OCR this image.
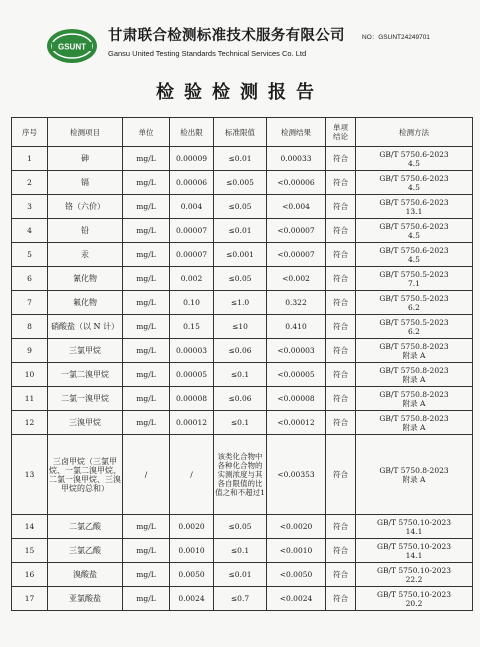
GSUNT
甘肃联合检测标准技术服务有限公司
Gansu United Testing Standards Technical Services Co. Ltd
NO：GSUNT24249701
检验检测报告
序号	检测项目	单位	检出限	标准限值	检测结果	单项
结论	检测方法
1	砷	mg/L	0.00009	≤0.01	0.00033	符合	GB/T 5750.6-2023
4.5
2	镉	mg/L	0.00006	≤0.005	<0.00006	符合	GB/T 5750.6-2023
4.5
3	铬（六价）	mg/L	0.004	≤0.05	<0.004	符合	GB/T 5750.6-2023
13.1
4	铅	mg/L	0.00007	≤0.01	<0.00007	符合	GB/T 5750.6-2023
4.5
5	汞	mg/L	0.00007	≤0.001	<0.00007	符合	GB/T 5750.6-2023
4.5
6	氰化物	mg/L	0.002	≤0.05	<0.002	符合	GB/T 5750.5-2023
7.1
7	氟化物	mg/L	0.10	≤1.0	0.322	符合	GB/T 5750.5-2023
6.2
8	硝酸盐（以 N 计）	mg/L	0.15	≤10	0.410	符合	GB/T 5750.5-2023
6.2
9	三氯甲烷	mg/L	0.00003	≤0.06	<0.00003	符合	GB/T 5750.8-2023
附录 A
10	一氯二溴甲烷	mg/L	0.00005	≤0.1	<0.00005	符合	GB/T 5750.8-2023
附录 A
11	二氯一溴甲烷	mg/L	0.00008	≤0.06	<0.00008	符合	GB/T 5750.8-2023
附录 A
12	三溴甲烷	mg/L	0.00012	≤0.1	<0.00012	符合	GB/T 5750.8-2023
附录 A
13	三卤甲烷（三氯甲烷、一氯二溴甲烷、二氯一溴甲烷、三溴甲烷的总和）	/	/	该类化合物中各种化合物的实测浓度与其各自限值的比值之和不超过1	<0.00353	符合	GB/T 5750.8-2023
附录 A
14	二氯乙酸	mg/L	0.0020	≤0.05	<0.0020	符合	GB/T 5750.10-2023
14.1
15	三氯乙酸	mg/L	0.0010	≤0.1	<0.0010	符合	GB/T 5750.10-2023
14.1
16	溴酸盐	mg/L	0.0050	≤0.01	<0.0050	符合	GB/T 5750.10-2023
22.2
17	亚氯酸盐	mg/L	0.0024	≤0.7	<0.0024	符合	GB/T 5750.10-2023
20.2
